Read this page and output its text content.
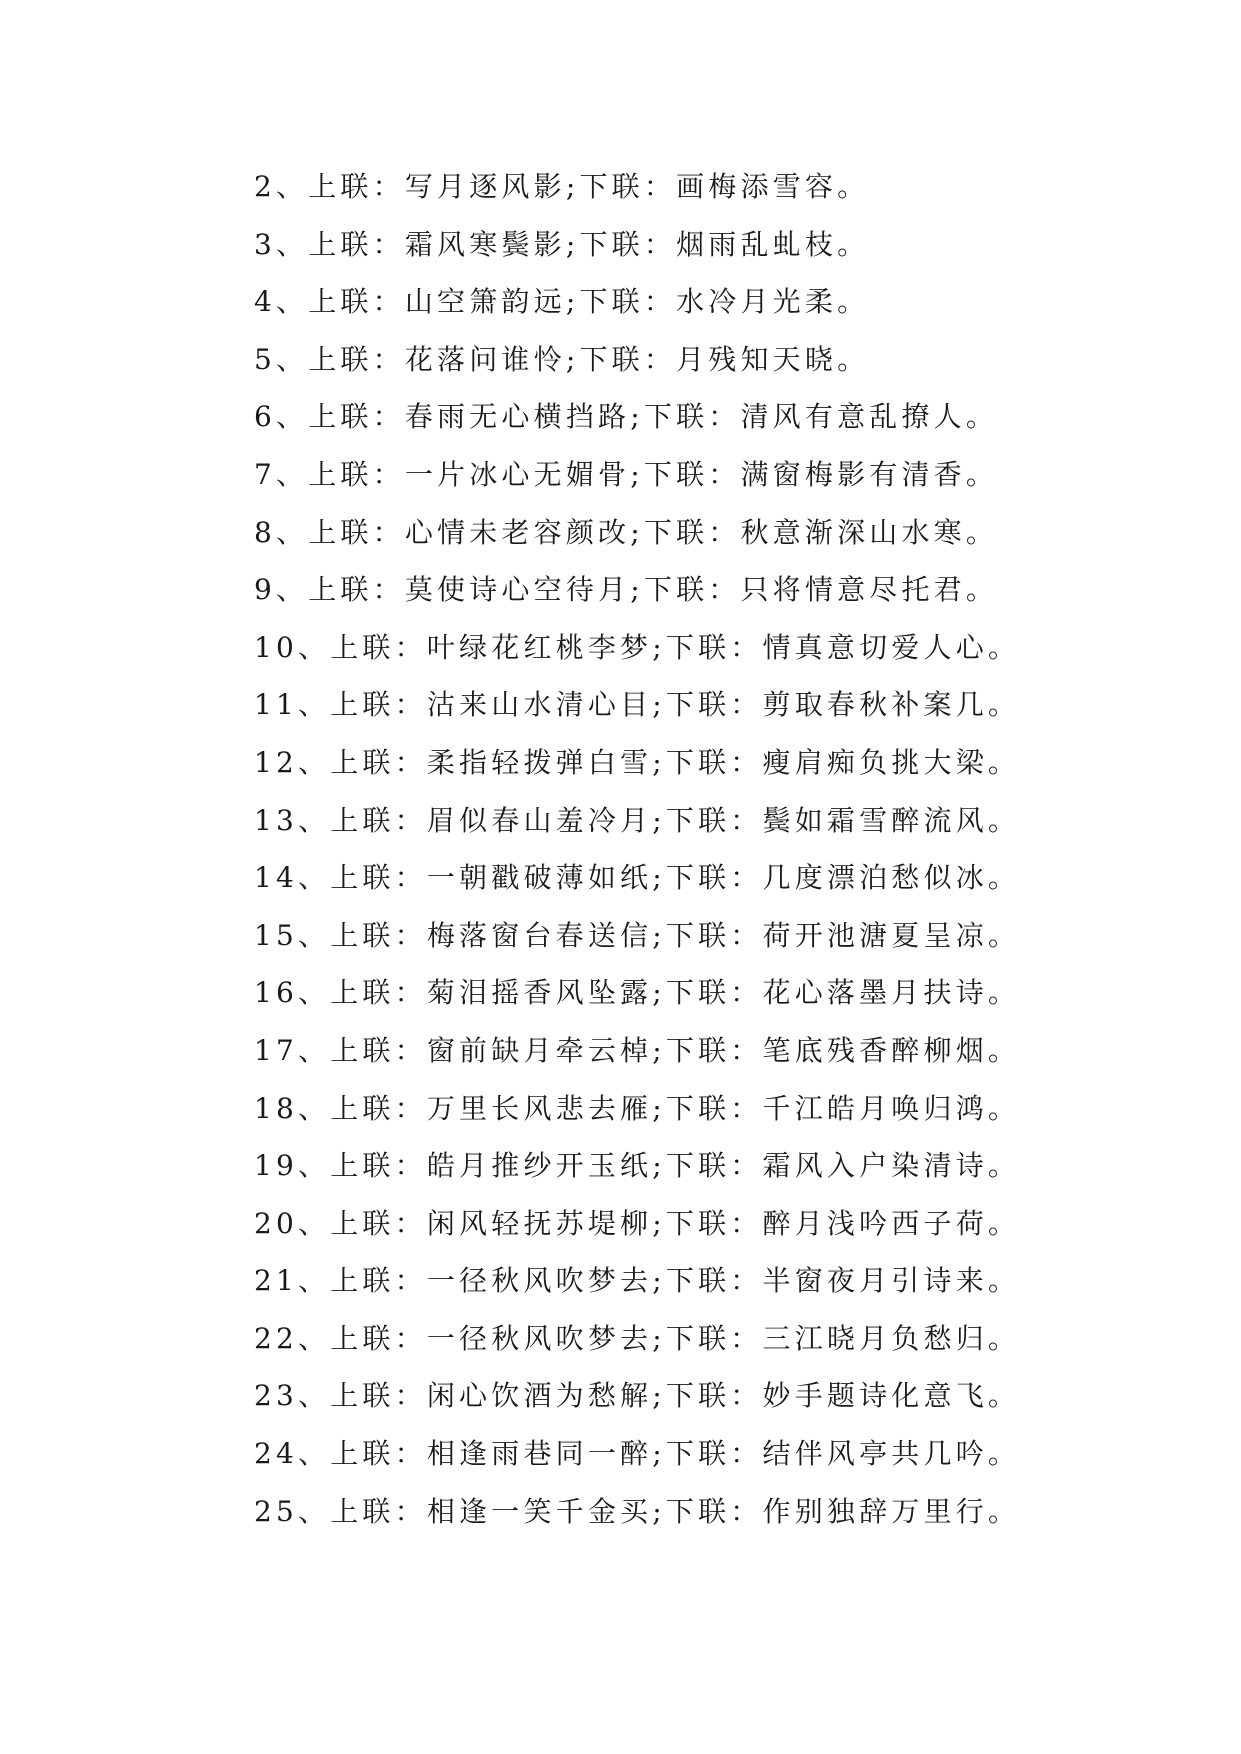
2、上联：写月逐风影;下联：画梅添雪容。
3、上联：霜风寒鬓影;下联：烟雨乱虬枝。
4、上联：山空箫韵远;下联：水冷月光柔。
5、上联：花落问谁怜;下联：月残知天晓。
6、上联：春雨无心横挡路;下联：清风有意乱撩人。
7、上联：一片冰心无媚骨;下联：满窗梅影有清香。
8、上联：心情未老容颜改;下联：秋意渐深山水寒。
9、上联：莫使诗心空待月;下联：只将情意尽托君。
10、上联：叶绿花红桃李梦;下联：情真意切爱人心。
11、上联：沽来山水清心目;下联：剪取春秋补案几。
12、上联：柔指轻拨弹白雪;下联：瘦肩痴负挑大梁。
13、上联：眉似春山羞冷月;下联：鬓如霜雪醉流风。
14、上联：一朝戳破薄如纸;下联：几度漂泊愁似冰。
15、上联：梅落窗台春送信;下联：荷开池溏夏呈凉。
16、上联：菊泪摇香风坠露;下联：花心落墨月扶诗。
17、上联：窗前缺月牵云棹;下联：笔底残香醉柳烟。
18、上联：万里长风悲去雁;下联：千江皓月唤归鸿。
19、上联：皓月推纱开玉纸;下联：霜风入户染清诗。
20、上联：闲风轻抚苏堤柳;下联：醉月浅吟西子荷。
21、上联：一径秋风吹梦去;下联：半窗夜月引诗来。
22、上联：一径秋风吹梦去;下联：三江晓月负愁归。
23、上联：闲心饮酒为愁解;下联：妙手题诗化意飞。
24、上联：相逢雨巷同一醉;下联：结伴风亭共几吟。
25、上联：相逢一笑千金买;下联：作别独辞万里行。
